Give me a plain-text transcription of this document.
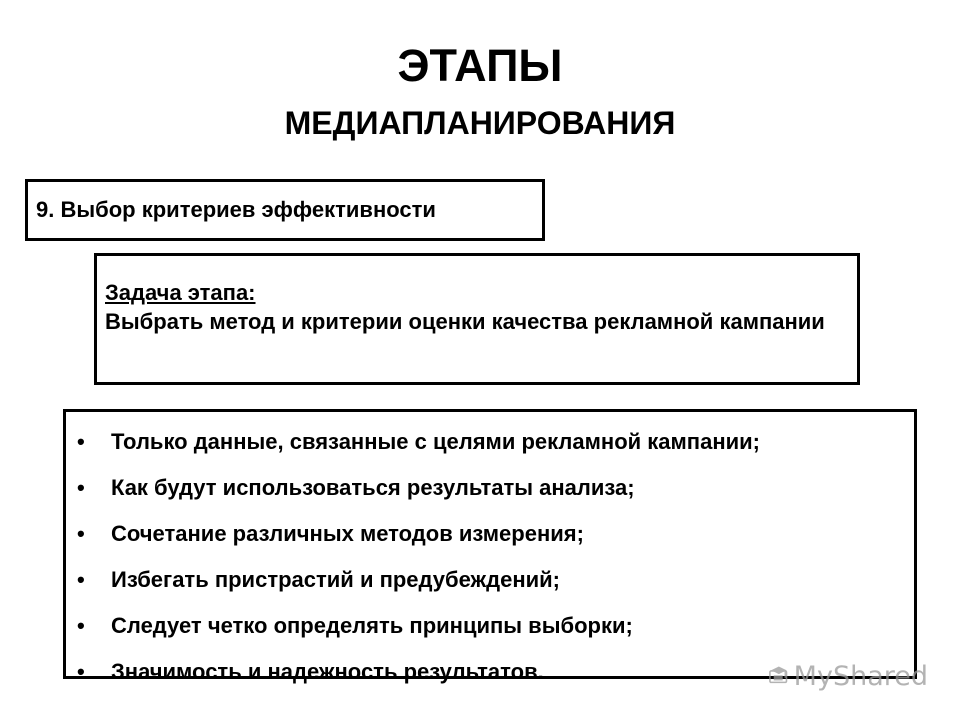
ЭТАПЫ
МЕДИАПЛАНИРОВАНИЯ
9. Выбор критериев эффективности
Задача этапа:
Выбрать метод и критерии оценки качества рекламной кампании
• Только данные, связанные с целями рекламной кампании;
• Как будут использоваться результаты анализа;
• Сочетание различных методов измерения;
• Избегать пристрастий и предубеждений;
• Следует четко определять принципы выборки;
• Значимость и надежность результатов.	MyShared
